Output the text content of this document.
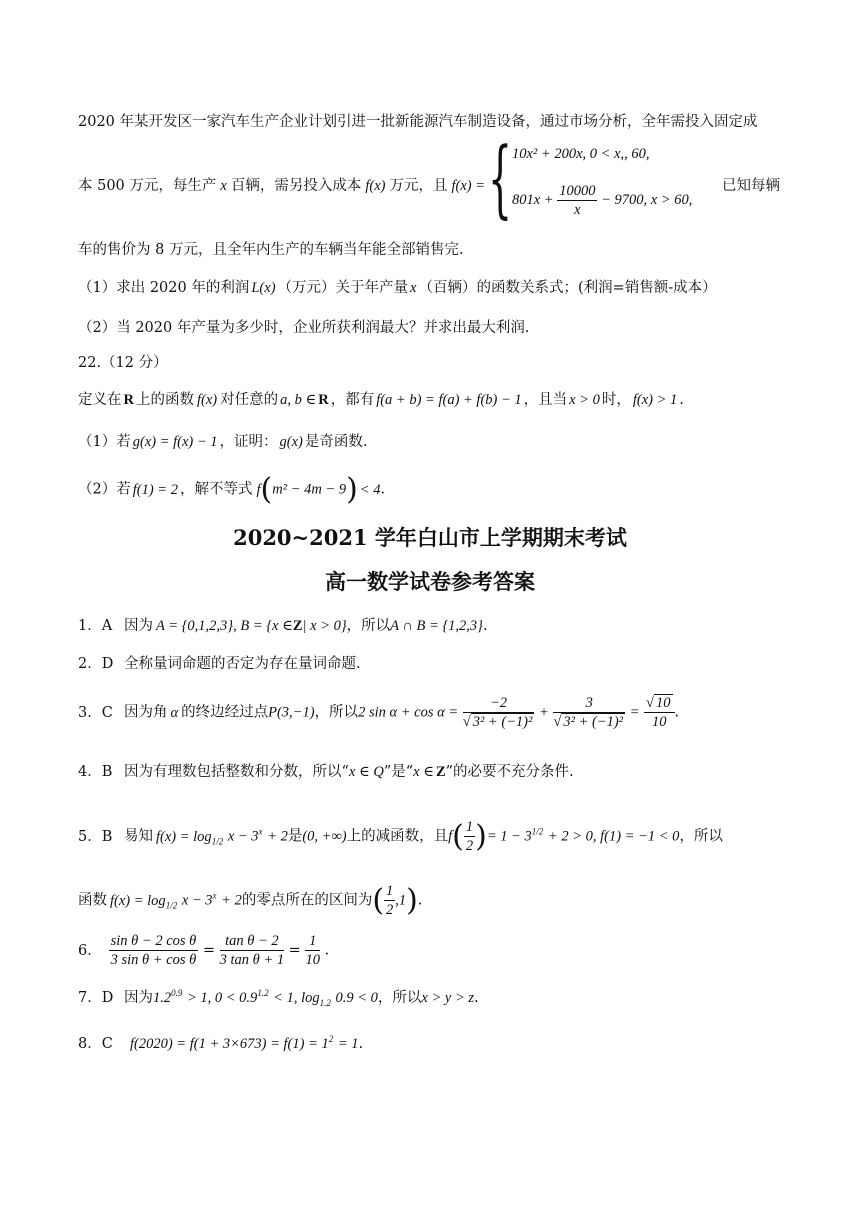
2020 年某开发区一家汽车生产企业计划引进一批新能源汽车制造设备，通过市场分析，全年需投入固定成
本 500 万元，每生产 x 百辆，需另投入成本 f(x) 万元，且 f(x) = { 10x² + 200x, 0 < x,, 60,
$801x + \frac{10000}{x} - 9700$, x > 60,
已知每辆
车的售价为 8 万元，且全年内生产的车辆当年能全部销售完.
（1）求出 2020 年的利润 L(x) （万元）关于年产量 x （百辆）的函数关系式；(利润=销售额-成本）
（2）当 2020 年产量为多少时，企业所获利润最大？并求出最大利润.
22.（12 分）
定义在 R 上的函数 f(x) 对任意的 a, b ∈ R ，都有 f(a + b) = f(a) + f(b) − 1 ，且当 x > 0 时， f(x) > 1 .
（1）若 g(x) = f(x) − 1 ，证明： g(x) 是奇函数.
（2）若 f(1) = 2 ，解不等式 f(m² − 4m − 9) < 4.
2020~2021 学年白山市上学期期末考试
高一数学试卷参考答案
1．A 因为 A = {0,1,2,3}, B = {x ∈Z| x > 0}，所以A ∩ B = {1,2,3}.
2．D 全称量词命题的否定为存在量词命题.
3．C 因为角 α 的终边经过点P(3,−1)，所以2 $\sin \alpha + \cos \alpha = \frac{-2}{\text{√ 3² + (−1)²}} + \frac{3}{\text{√ 3² + (−1)²}} = \frac{√ 10}{10}$ .
4．B 因为有理数包括整数和分数，所以“x ∈ Q”是“x ∈ Z”的必要不充分条件.
5．B 易知 $f(x) = \log_{1/2} x - 3^x + 2$是(0, +∞)上的减函数，且$f( \frac{1}{2}$ )= $1 - 3^{1/2} + 2 > 0$, f(1) = −1 < 0，所以
函数 $f(x) = \log_{1/2} x - 3^x + 2$的零点所在的区间为( $\frac{1}{2} ,1$).
6． $\frac{\text{sin θ − 2 cos θ}}{\text{3 sin θ + cos θ}} = \frac{\text{tan θ − 2}}{\text{3 tan θ + 1}} = \frac{1}{10}$ .
7．D 因为$1.2^{0.9} > 1$, $0 < 0.9^{1.2} < 1$, $\log_{1.2} 0.9 < 0$，所以x > y > z.
8．C $f(2020) = f(1 + 3\times 673) = f(1) = 1^2 = 1$.
